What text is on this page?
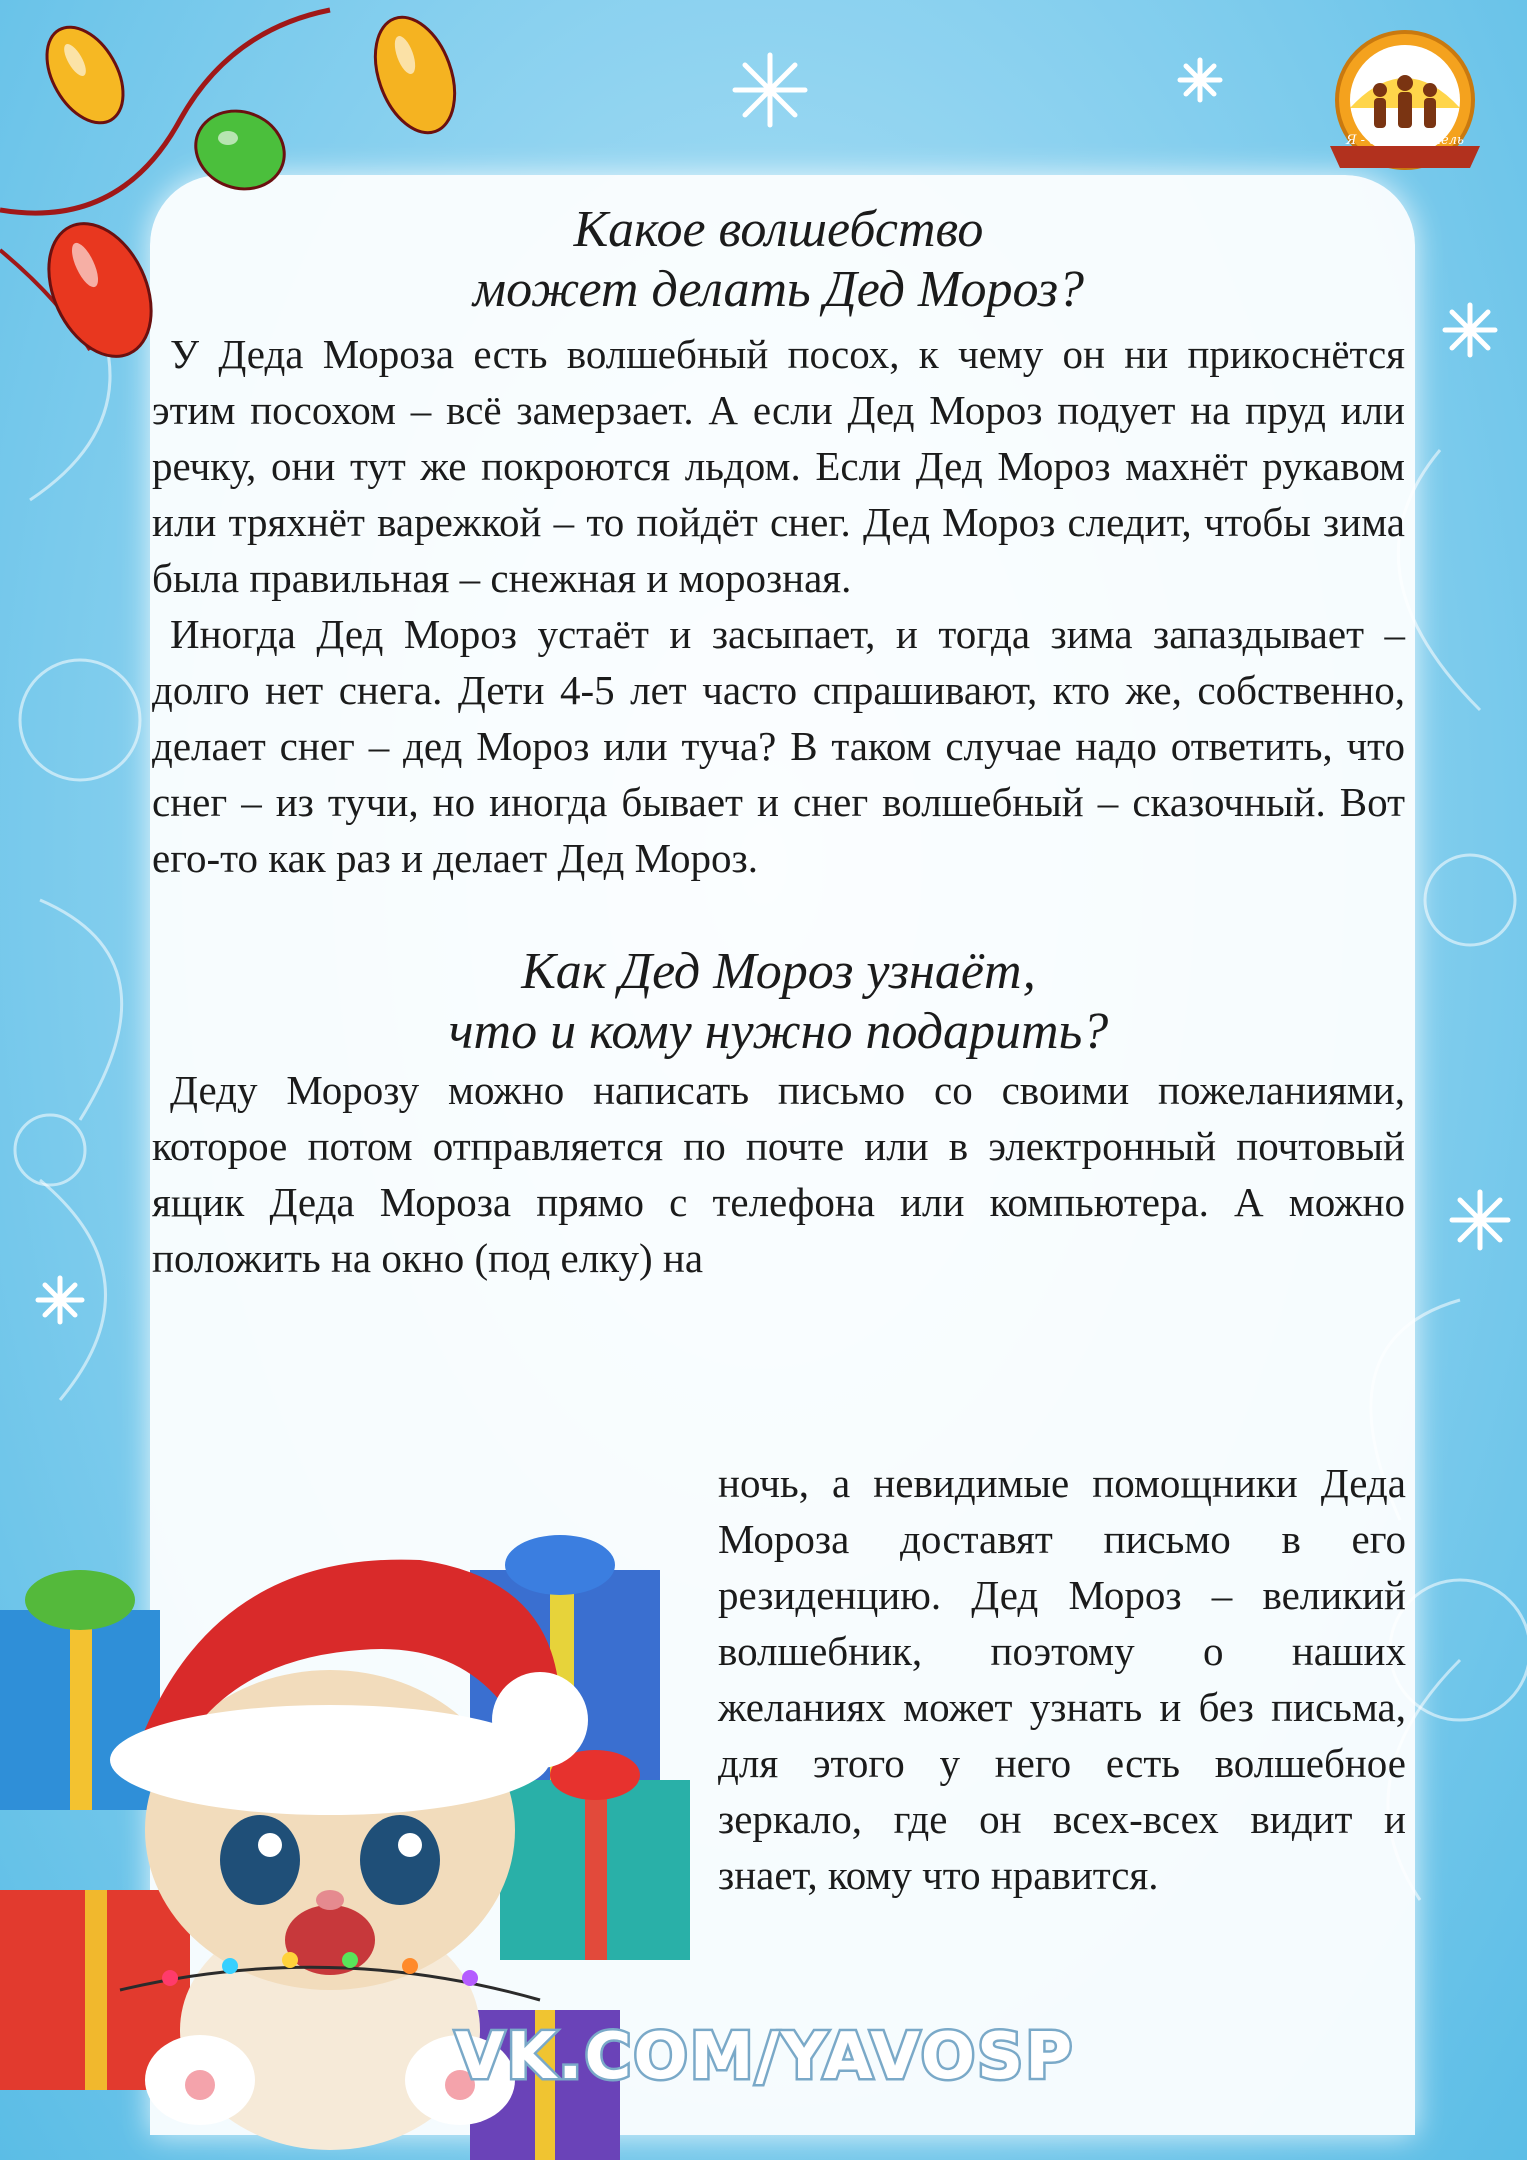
Я - воспитатель
Какое волшебство
может делать Дед Мороз?

У Деда Мороза есть волшебный посох, к чему он ни прикоснётся этим посохом – всё замерзает. А если Дед Мороз подует на пруд или речку, они тут же покроются льдом. Если Дед Мороз махнёт рукавом или тряхнёт варежкой – то пойдёт снег. Дед Мороз следит, чтобы зима была правильная – снежная и морозная.

Иногда Дед Мороз устаёт и засыпает, и тогда зима запаздывает – долго нет снега. Дети 4-5 лет часто спрашивают, кто же, собственно, делает снег – дед Мороз или туча? В таком случае надо ответить, что снег – из тучи, но иногда бывает и снег волшебный – сказочный. Вот его-то как раз и делает Дед Мороз.

Как Дед Мороз узнаёт,
что и кому нужно подарить?

Деду Морозу можно написать письмо со своими пожеланиями, которое потом отправляется по почте или в электронный почтовый ящик Деда Мороза прямо с телефона или компьютера. А можно положить на окно (под елку) на

ночь, а невидимые помощники Деда Мороза доставят письмо в его резиденцию. Дед Мороз – великий волшебник, поэтому о наших желаниях может узнать и без письма, для этого у него есть волшебное зеркало, где он всех-всех видит и знает, кому что нравится.

VK.COM/YAVOSP
